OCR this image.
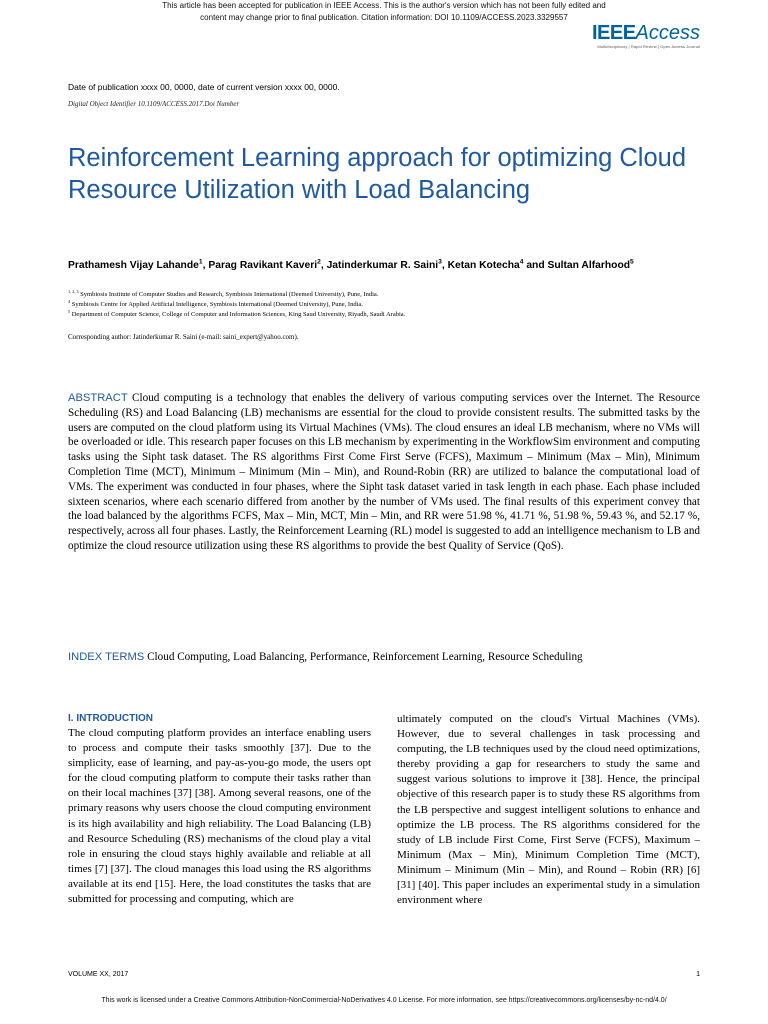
This article has been accepted for publication in IEEE Access. This is the author's version which has not been fully edited and
content may change prior to final publication. Citation information: DOI 10.1109/ACCESS.2023.3329557
IEEEAccess
Multidisciplinary | Rapid Review | Open Access Journal
Date of publication xxxx 00, 0000, date of current version xxxx 00, 0000.
Digital Object Identifier 10.1109/ACCESS.2017.Doi Number
Reinforcement Learning approach for optimizing Cloud Resource Utilization with Load Balancing
Prathamesh Vijay Lahande$^1$, Parag Ravikant Kaveri$^2$, Jatinderkumar R. Saini$^3$, Ketan Kotecha$^4$ and Sultan Alfarhood$^5$
$^{1, 2, 3}$ Symbiosis Institute of Computer Studies and Research, Symbiosis International (Deemed University), Pune, India.
$^4$ Symbiosis Centre for Applied Artificial Intelligence, Symbiosis International (Deemed University), Pune, India.
$^5$ Department of Computer Science, College of Computer and Information Sciences, King Saud University, Riyadh, Saudi Arabia.
Corresponding author: Jatinderkumar R. Saini (e-mail: saini_expert@yahoo.com).

ABSTRACT Cloud computing is a technology that enables the delivery of various computing services over the Internet. The Resource Scheduling (RS) and Load Balancing (LB) mechanisms are essential for the cloud to provide consistent results. The submitted tasks by the users are computed on the cloud platform using its Virtual Machines (VMs). The cloud ensures an ideal LB mechanism, where no VMs will be overloaded or idle. This research paper focuses on this LB mechanism by experimenting in the WorkflowSim environment and computing tasks using the Sipht task dataset. The RS algorithms First Come First Serve (FCFS), Maximum – Minimum (Max – Min), Minimum Completion Time (MCT), Minimum – Minimum (Min – Min), and Round-Robin (RR) are utilized to balance the computational load of VMs. The experiment was conducted in four phases, where the Sipht task dataset varied in task length in each phase. Each phase included sixteen scenarios, where each scenario differed from another by the number of VMs used. The final results of this experiment convey that the load balanced by the algorithms FCFS, Max – Min, MCT, Min – Min, and RR were 51.98 %, 41.71 %, 51.98 %, 59.43 %, and 52.17 %, respectively, across all four phases. Lastly, the Reinforcement Learning (RL) model is suggested to add an intelligence mechanism to LB and optimize the cloud resource utilization using these RS algorithms to provide the best Quality of Service (QoS).

INDEX TERMS Cloud Computing, Load Balancing, Performance, Reinforcement Learning, Resource Scheduling

I. INTRODUCTION

The cloud computing platform provides an interface enabling users to process and compute their tasks smoothly [37]. Due to the simplicity, ease of learning, and pay-as-you-go mode, the users opt for the cloud computing platform to compute their tasks rather than on their local machines [37] [38]. Among several reasons, one of the primary reasons why users choose the cloud computing environment is its high availability and high reliability. The Load Balancing (LB) and Resource Scheduling (RS) mechanisms of the cloud play a vital role in ensuring the cloud stays highly available and reliable at all times [7] [37]. The cloud manages this load using the RS algorithms available at its end [15]. Here, the load constitutes the tasks that are submitted for processing and computing, which are

ultimately computed on the cloud's Virtual Machines (VMs). However, due to several challenges in task processing and computing, the LB techniques used by the cloud need optimizations, thereby providing a gap for researchers to study the same and suggest various solutions to improve it [38]. Hence, the principal objective of this research paper is to study these RS algorithms from the LB perspective and suggest intelligent solutions to enhance and optimize the LB process. The RS algorithms considered for the study of LB include First Come, First Serve (FCFS), Maximum – Minimum (Max – Min), Minimum Completion Time (MCT), Minimum – Minimum (Min – Min), and Round – Robin (RR) [6] [31] [40]. This paper includes an experimental study in a simulation environment where

VOLUME XX, 2017	1
This work is licensed under a Creative Commons Attribution-NonCommercial-NoDerivatives 4.0 License. For more information, see https://creativecommons.org/licenses/by-nc-nd/4.0/
